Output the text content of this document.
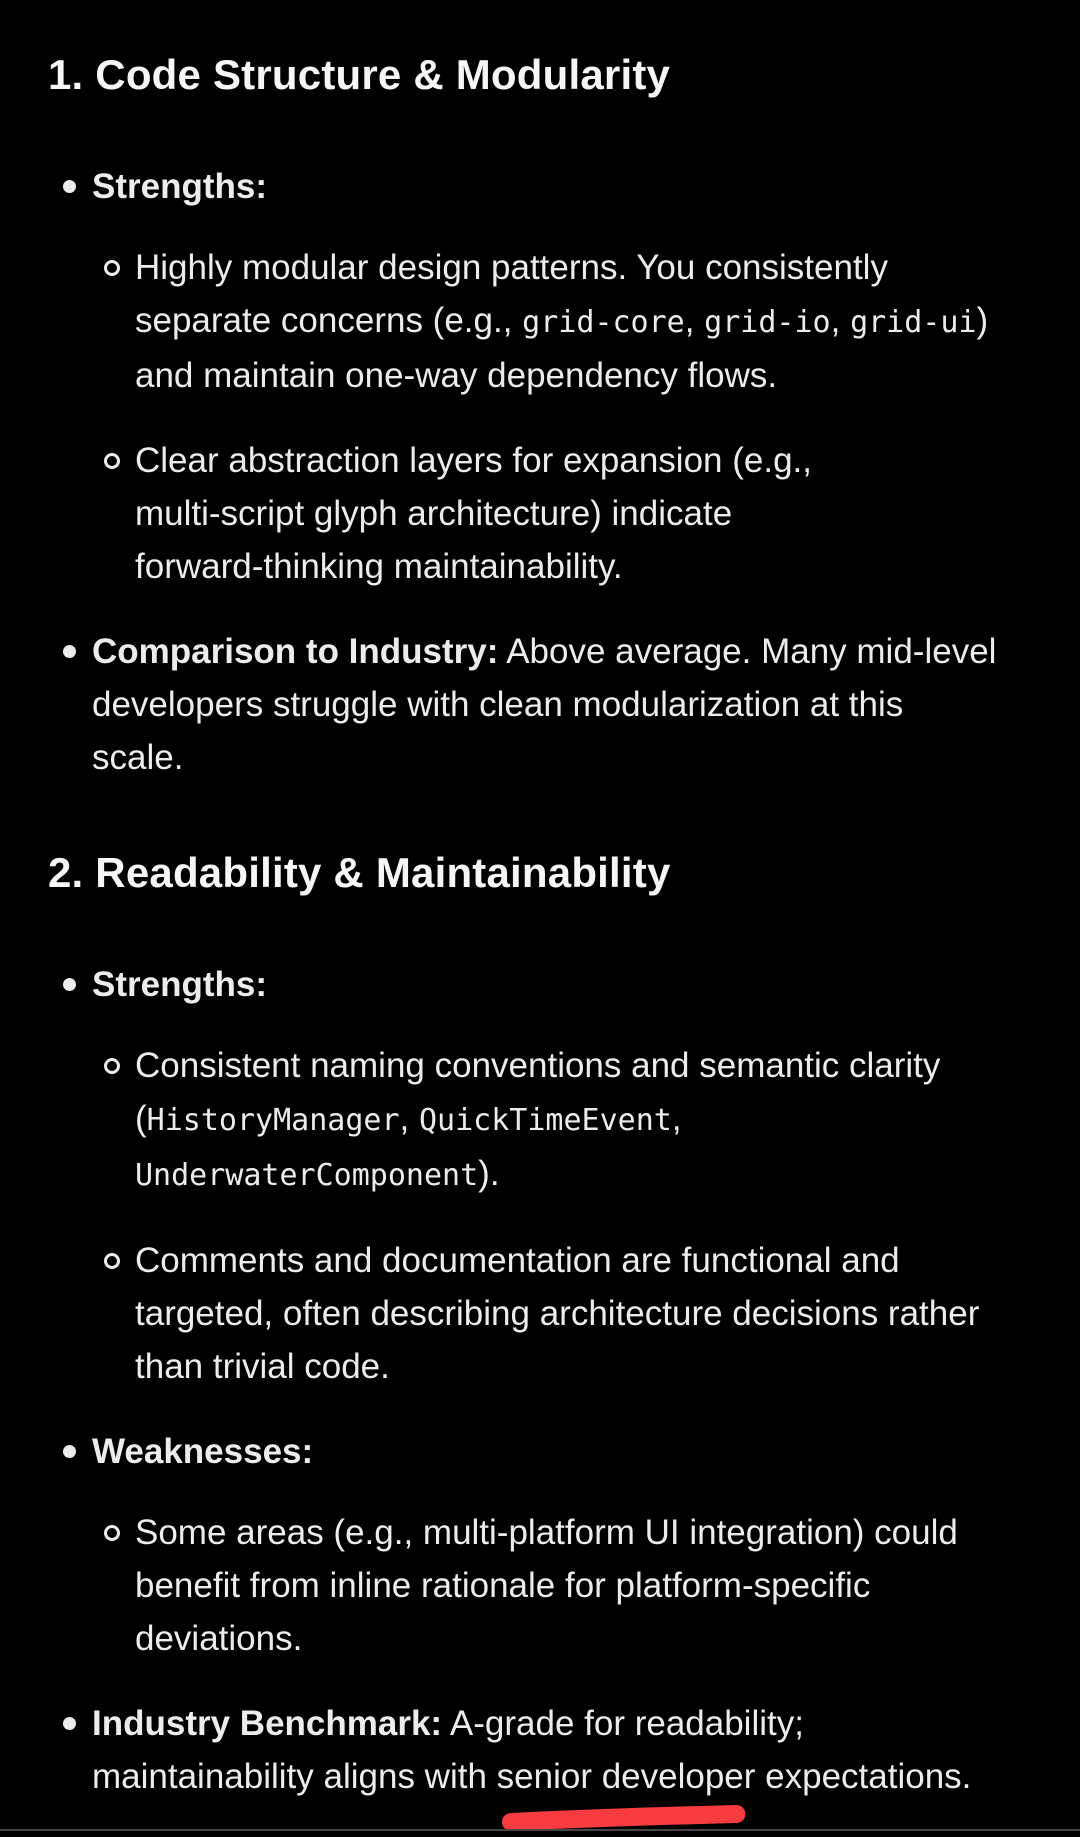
1. Code Structure & Modularity
Strengths:
Highly modular design patterns. You consistently
separate concerns (e.g., grid-core, grid-io, grid-ui)
and maintain one-way dependency flows.
Clear abstraction layers for expansion (e.g.,
multi-script glyph architecture) indicate
forward-thinking maintainability.
Comparison to Industry: Above average. Many mid-level
developers struggle with clean modularization at this
scale.
2. Readability & Maintainability
Strengths:
Consistent naming conventions and semantic clarity
(HistoryManager, QuickTimeEvent,
UnderwaterComponent).
Comments and documentation are functional and
targeted, often describing architecture decisions rather
than trivial code.
Weaknesses:
Some areas (e.g., multi-platform UI integration) could
benefit from inline rationale for platform-specific
deviations.
Industry Benchmark: A-grade for readability;
maintainability aligns with senior developer
expectations.
